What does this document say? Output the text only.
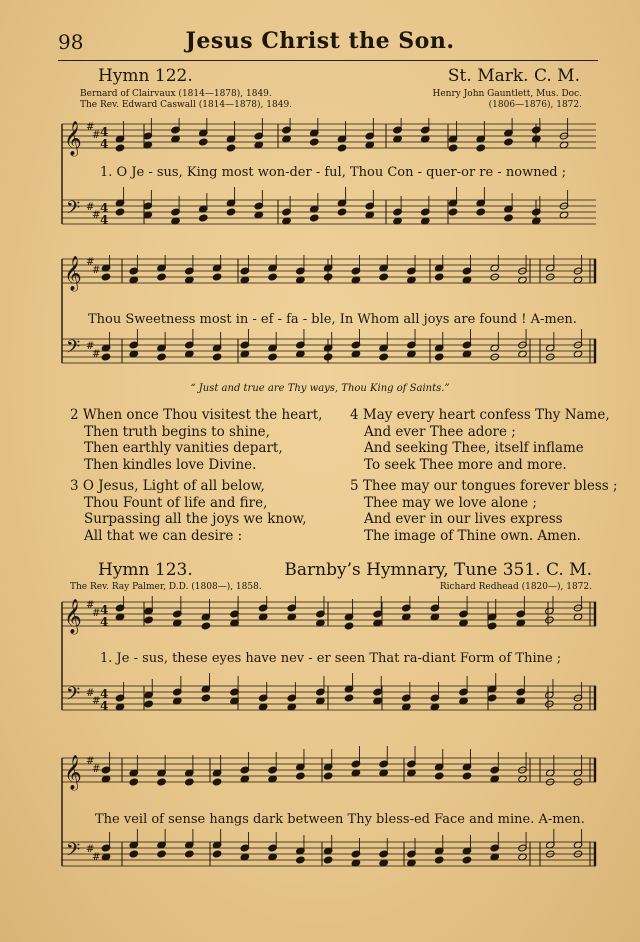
98	Jesus Christ the Son.
Hymn 122.	St. Mark. C. M.
Bernard of Clairvaux (1814—1878), 1849.
The Rev. Edward Caswall (1814—1878), 1849.
Henry John Gauntlett, Mus. Doc.
(1806—1876), 1872.
𝄞 #
# 4
4
𝄢 #
#
4
4
1. O Je - sus, King most won-der - ful, Thou Con - quer-or re - nowned ;
𝄞 #
#
𝄢 #
#
Thou Sweetness most in - ef - fa - ble, In Whom all joys are found ! A-men.
“ Just and true are Thy ways, Thou King of Saints.”
2 When once Thou visitest the heart,
Then truth begins to shine,
Then earthly vanities depart,
Then kindles love Divine.
3 O Jesus, Light of all below,
Thou Fount of life and fire,
Surpassing all the joys we know,
All that we can desire :
4 May every heart confess Thy Name,
And ever Thee adore ;
And seeking Thee, itself inflame
To seek Thee more and more.
5 Thee may our tongues forever bless ;
Thee may we love alone ;
And ever in our lives express
The image of Thine own. Amen.
Hymn 123.	Barnby’s Hymnary, Tune 351. C. M.
The Rev. Ray Palmer, D.D. (1808—), 1858.	Richard Redhead (1820—), 1872.
𝄞 #
# 4
4
𝄢 #
#
4
4
1. Je - sus, these eyes have nev - er seen That ra-diant Form of Thine ;
𝄞 #
#
𝄢 #
#
The veil of sense hangs dark between Thy bless-ed Face and mine. A-men.
